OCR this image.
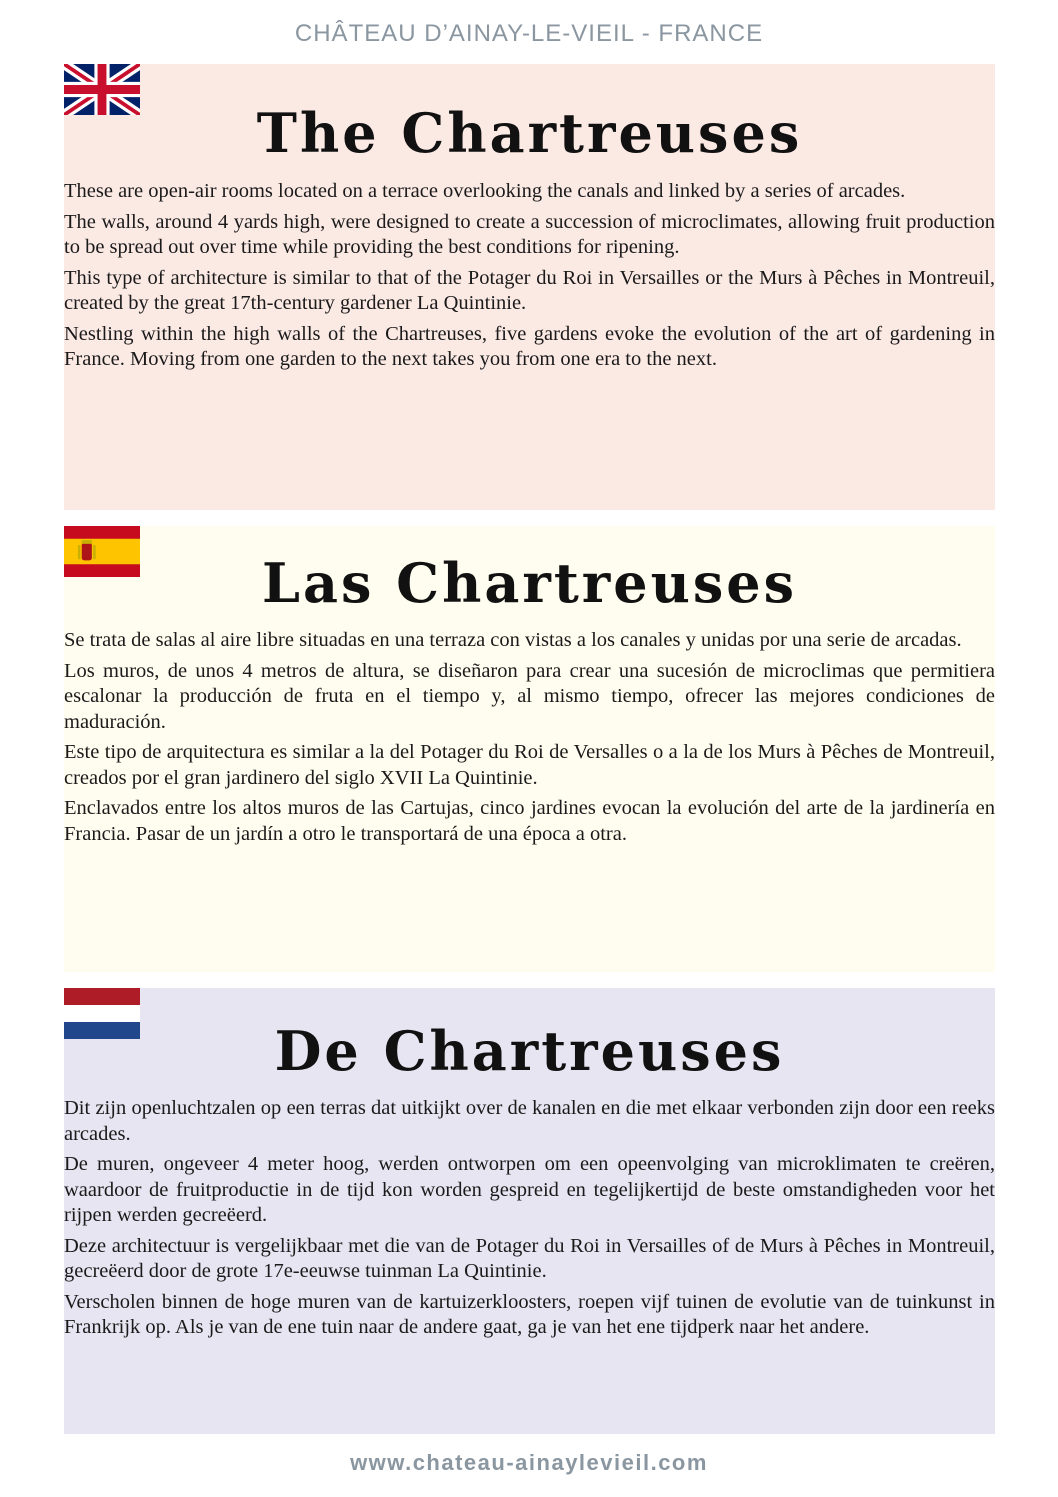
CHÂTEAU D’AINAY-LE-VIEIL - FRANCE
The Chartreuses

These are open-air rooms located on a terrace overlooking the canals and linked by a series of arcades.

The walls, around 4 yards high, were designed to create a succession of microclimates, allowing fruit production to be spread out over time while providing the best conditions for ripening.

This type of architecture is similar to that of the Potager du Roi in Versailles or the Murs à Pêches in Montreuil, created by the great 17th-century gardener La Quintinie.

Nestling within the high walls of the Chartreuses, five gardens evoke the evolution of the art of gardening in France. Moving from one garden to the next takes you from one era to the next.

Las Chartreuses

Se trata de salas al aire libre situadas en una terraza con vistas a los canales y unidas por una serie de arcadas.

Los muros, de unos 4 metros de altura, se diseñaron para crear una sucesión de microclimas que permitiera escalonar la producción de fruta en el tiempo y, al mismo tiempo, ofrecer las mejores condiciones de maduración.

Este tipo de arquitectura es similar a la del Potager du Roi de Versalles o a la de los Murs à Pêches de Montreuil, creados por el gran jardinero del siglo XVII La Quintinie.

Enclavados entre los altos muros de las Cartujas, cinco jardines evocan la evolución del arte de la jardinería en Francia. Pasar de un jardín a otro le transportará de una época a otra.

De Chartreuses

Dit zijn openluchtzalen op een terras dat uitkijkt over de kanalen en die met elkaar verbonden zijn door een reeks arcades.

De muren, ongeveer 4 meter hoog, werden ontworpen om een opeenvolging van microklimaten te creëren, waardoor de fruitproductie in de tijd kon worden gespreid en tegelijkertijd de beste omstandigheden voor het rijpen werden gecreëerd.

Deze architectuur is vergelijkbaar met die van de Potager du Roi in Versailles of de Murs à Pêches in Montreuil, gecreëerd door de grote 17e-eeuwse tuinman La Quintinie.

Verscholen binnen de hoge muren van de kartuizerkloosters, roepen vijf tuinen de evolutie van de tuinkunst in Frankrijk op. Als je van de ene tuin naar de andere gaat, ga je van het ene tijdperk naar het andere.

www.chateau-ainaylevieil.com
